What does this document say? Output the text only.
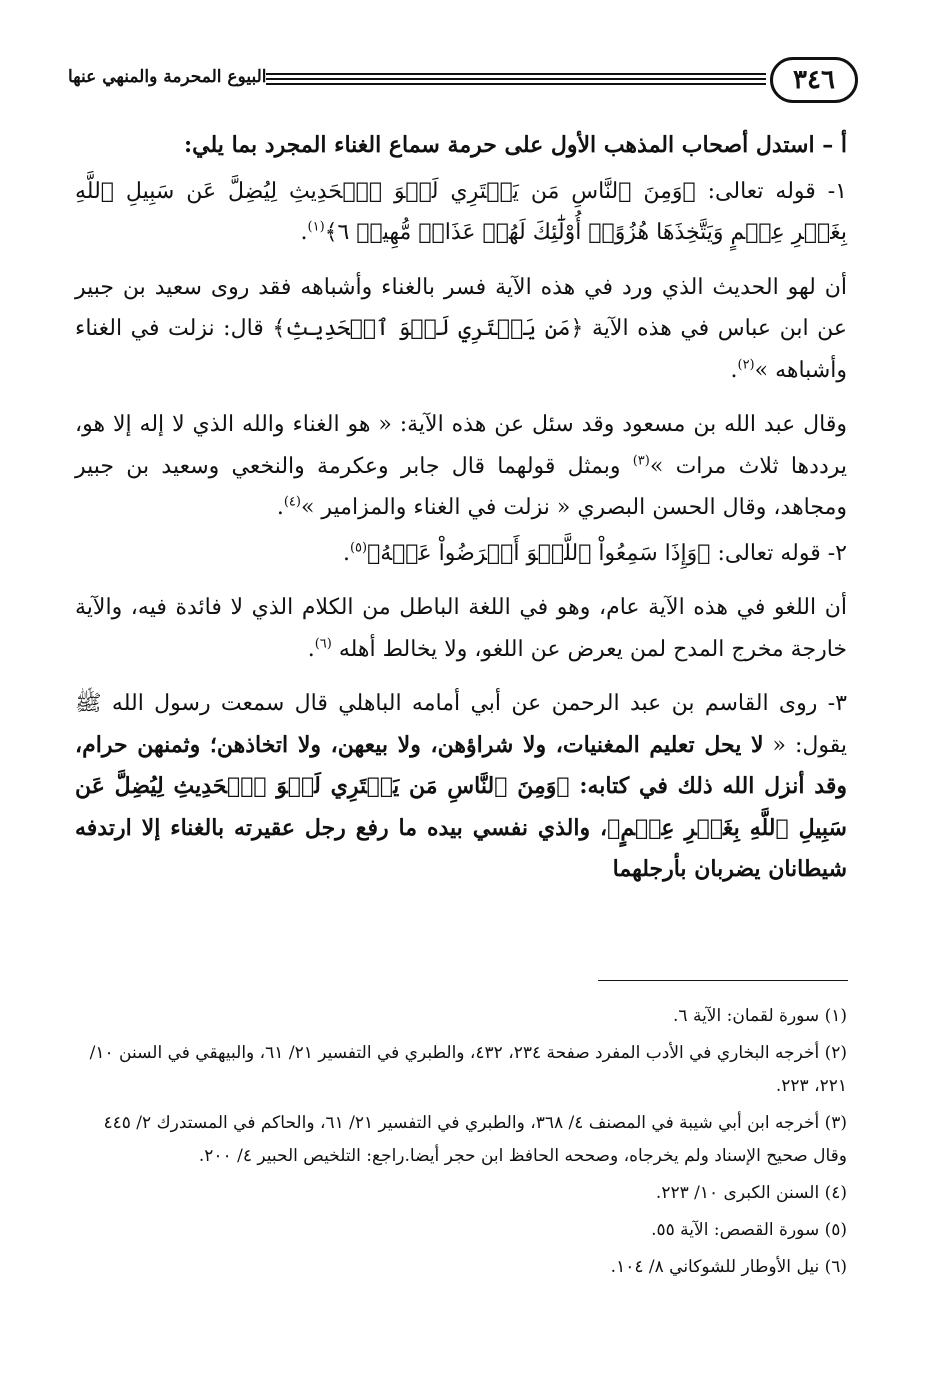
البيوع المحرمة والمنهي عنها	٣٤٦

أ – استدل أصحاب المذهب الأول على حرمة سماع الغناء المجرد بما يلي:

١- قوله تعالى: ﴿وَمِنَ ٱلنَّاسِ مَن يَشۡتَرِي لَهۡوَ ٱلۡحَدِيثِ لِيُضِلَّ عَن سَبِيلِ ٱللَّهِ بِغَيۡرِ عِلۡمٍ وَيَتَّخِذَهَا هُزُوًاۚ أُوْلَٰٓئِكَ لَهُمۡ عَذَابٞ مُّهِينٞ ٦﴾$^{(١)}$.

أن لهو الحديث الذي ورد في هذه الآية فسر بالغناء وأشباهه فقد روى سعيد بن جبير عن ابن عباس في هذه الآية ﴿مَن يَشۡتَرِي لَهۡوَ ٱلۡحَدِيثِ﴾ قال: نزلت في الغناء وأشباهه »$^{(٢)}$.

وقال عبد الله بن مسعود وقد سئل عن هذه الآية: « هو الغناء والله الذي لا إله إلا هو، يرددها ثلاث مرات »$^{(٣)}$ وبمثل قولهما قال جابر وعكرمة والنخعي وسعيد بن جبير ومجاهد، وقال الحسن البصري « نزلت في الغناء والمزامير »$^{(٤)}$.

٢- قوله تعالى: ﴿وَإِذَا سَمِعُواْ ٱللَّغۡوَ أَعۡرَضُواْ عَنۡهُ﴾$^{(٥)}$.

أن اللغو في هذه الآية عام، وهو في اللغة الباطل من الكلام الذي لا فائدة فيه، والآية خارجة مخرج المدح لمن يعرض عن اللغو، ولا يخالط أهله $^{(٦)}$.

٣- روى القاسم بن عبد الرحمن عن أبي أمامه الباهلي قال سمعت رسول الله ﷺ يقول: « لا يحل تعليم المغنيات، ولا شراؤهن، ولا بيعهن، ولا اتخاذهن؛ وثمنهن حرام، وقد أنزل الله ذلك في كتابه: ﴿وَمِنَ ٱلنَّاسِ مَن يَشۡتَرِي لَهۡوَ ٱلۡحَدِيثِ لِيُضِلَّ عَن سَبِيلِ ٱللَّهِ بِغَيۡرِ عِلۡمٍ﴾، والذي نفسي بيده ما رفع رجل عقيرته بالغناء إلا ارتدفه شيطانان يضربان بأرجلهما

(١) سورة لقمان: الآية ٦.
(٢) أخرجه البخاري في الأدب المفرد صفحة ٢٣٤، ٤٣٢، والطبري في التفسير ٢١/ ٦١، والبيهقي في السنن ١٠/ ٢٢١، ٢٢٣.
(٣) أخرجه ابن أبي شيبة في المصنف ٤/ ٣٦٨، والطبري في التفسير ٢١/ ٦١، والحاكم في المستدرك ٢/ ٤٤٥ وقال صحيح الإسناد ولم يخرجاه، وصححه الحافظ ابن حجر أيضا.راجع: التلخيص الحبير ٤/ ٢٠٠.
(٤) السنن الكبرى ١٠/ ٢٢٣.
(٥) سورة القصص: الآية ٥٥.
(٦) نيل الأوطار للشوكاني ٨/ ١٠٤.
